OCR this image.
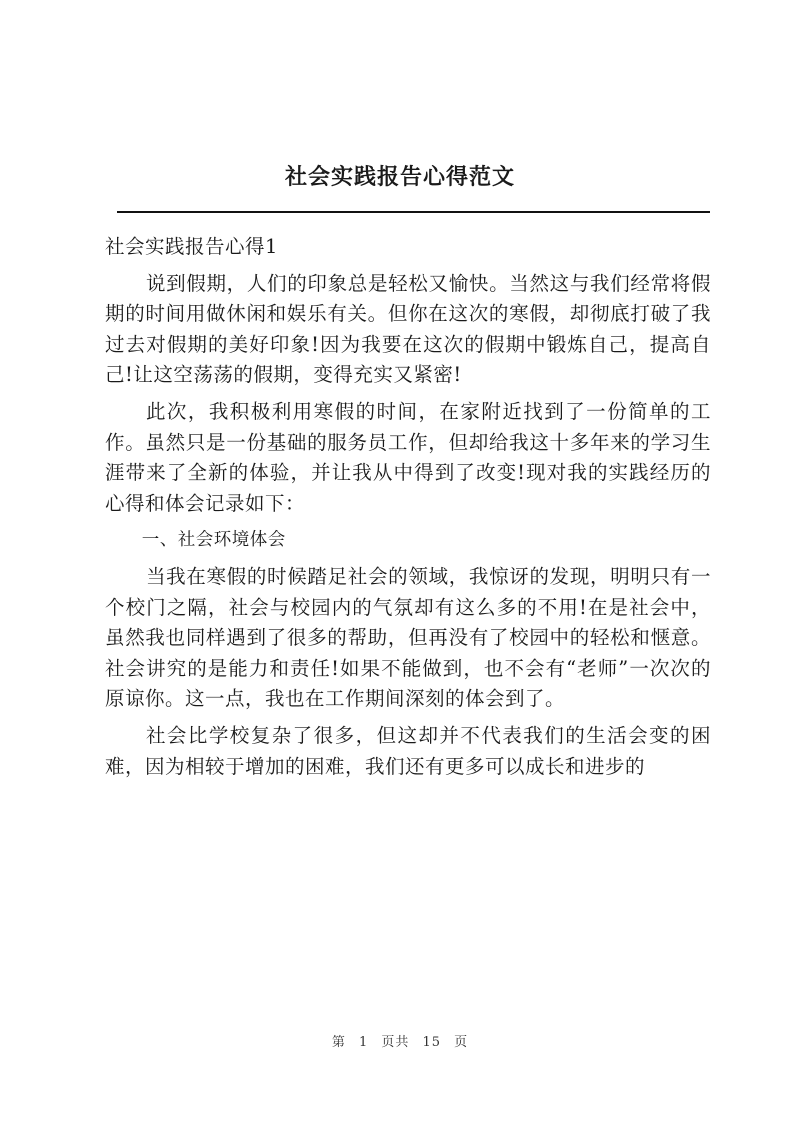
社会实践报告心得范文

社会实践报告心得1

说到假期，人们的印象总是轻松又愉快。当然这与我们经常将假期的时间用做休闲和娱乐有关。但你在这次的寒假，却彻底打破了我过去对假期的美好印象!因为我要在这次的假期中锻炼自己，提高自己!让这空荡荡的假期，变得充实又紧密!

此次，我积极利用寒假的时间，在家附近找到了一份简单的工作。虽然只是一份基础的服务员工作，但却给我这十多年来的学习生涯带来了全新的体验，并让我从中得到了改变!现对我的实践经历的心得和体会记录如下：

一、社会环境体会

当我在寒假的时候踏足社会的领域，我惊讶的发现，明明只有一个校门之隔，社会与校园内的气氛却有这么多的不用!在是社会中，虽然我也同样遇到了很多的帮助，但再没有了校园中的轻松和惬意。社会讲究的是能力和责任!如果不能做到，也不会有“老师”一次次的原谅你。这一点，我也在工作期间深刻的体会到了。

社会比学校复杂了很多，但这却并不代表我们的生活会变的困难，因为相较于增加的困难，我们还有更多可以成长和进步的

第 1 页共 15 页
